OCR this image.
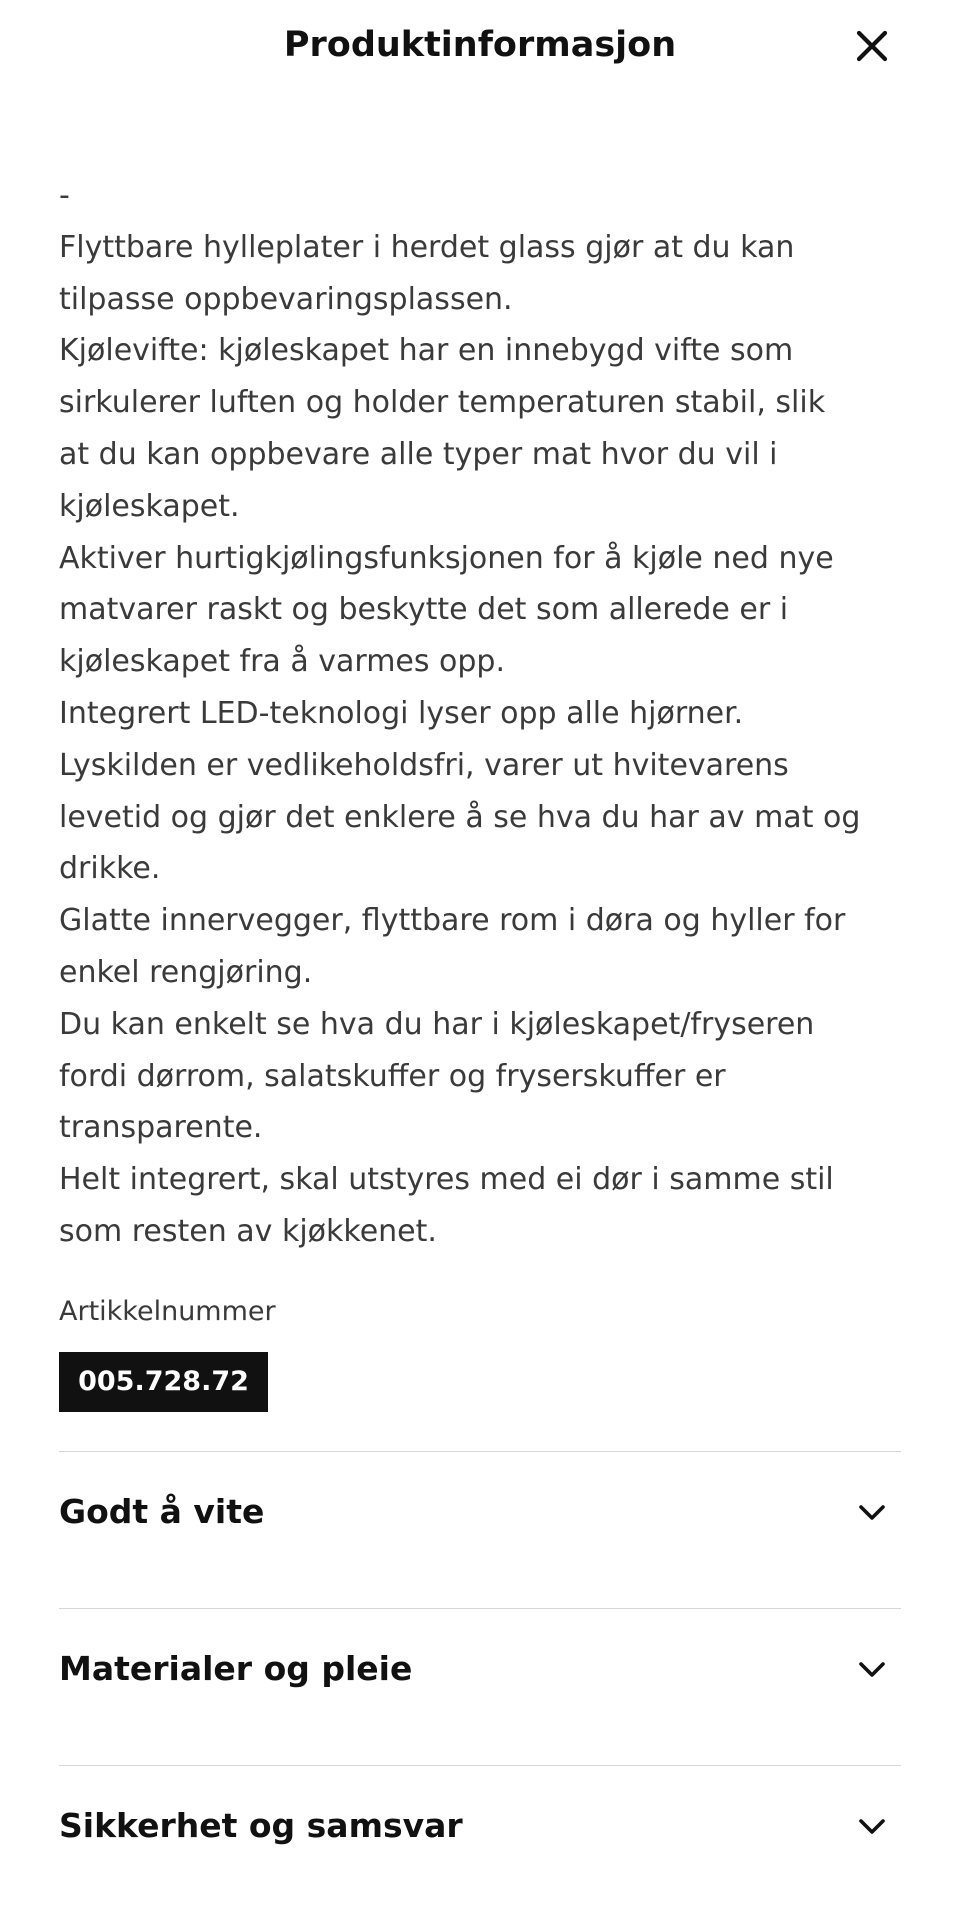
Produktinformasjon

-

Flyttbare hylleplater i herdet glass gjør at du kan

tilpasse oppbevaringsplassen.

Kjølevifte: kjøleskapet har en innebygd vifte som

sirkulerer luften og holder temperaturen stabil, slik

at du kan oppbevare alle typer mat hvor du vil i

kjøleskapet.

Aktiver hurtigkjølingsfunksjonen for å kjøle ned nye

matvarer raskt og beskytte det som allerede er i

kjøleskapet fra å varmes opp.

Integrert LED-teknologi lyser opp alle hjørner.

Lyskilden er vedlikeholdsfri, varer ut hvitevarens

levetid og gjør det enklere å se hva du har av mat og

drikke.

Glatte innervegger, flyttbare rom i døra og hyller for

enkel rengjøring.

Du kan enkelt se hva du har i kjøleskapet/fryseren

fordi dørrom, salatskuffer og fryserskuffer er

transparente.

Helt integrert, skal utstyres med ei dør i samme stil

som resten av kjøkkenet.

Artikkelnummer
005.728.72
Godt å vite
Materialer og pleie
Sikkerhet og samsvar
